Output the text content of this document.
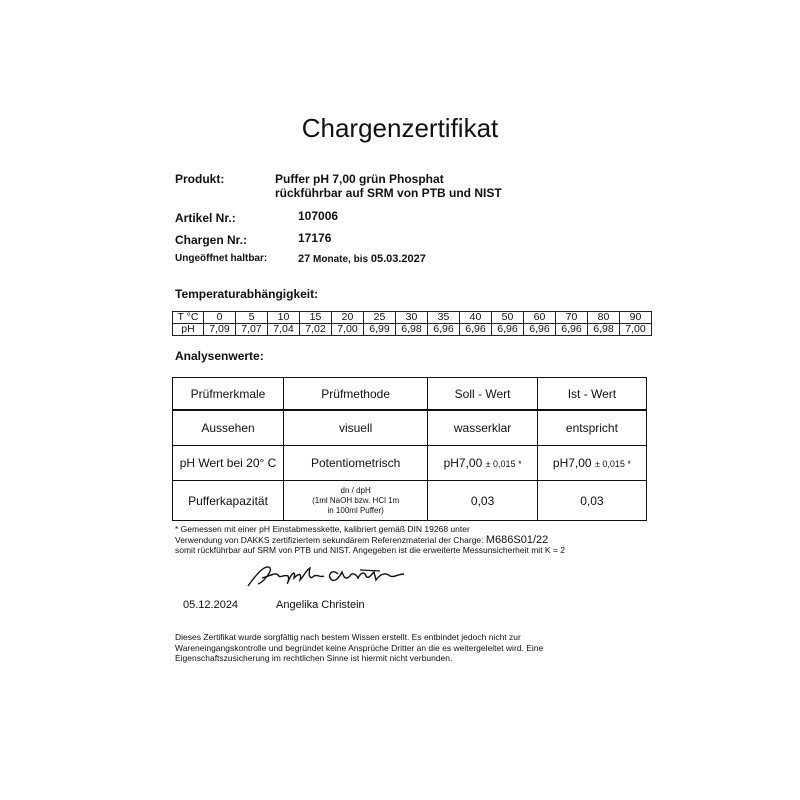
Chargenzertifikat
Produkt:	Puffer pH 7,00 grün Phosphat
rückführbar auf SRM von PTB und NIST
Artikel Nr.:	107006
Chargen Nr.:	17176
Ungeöffnet haltbar:	27 Monate, bis 05.03.2027
Temperaturabhängigkeit:
T °C	0	5	10	15	20	25	30	35	40	50	60	70	80	90
pH	7,09	7,07	7,04	7,02	7,00	6,99	6,98	6,96	6,96	6,96	6,96	6,96	6,98	7,00
Analysenwerte:
Prüfmerkmale	Prüfmethode	Soll - Wert	Ist - Wert
Aussehen	visuell	wasserklar	entspricht
pH Wert bei 20° C	Potentiometrisch	pH7,00 ± 0,015 *	pH7,00 ± 0,015 *
Pufferkapazität	dn / dpH
(1ml NaOH bzw. HCl 1m
in 100ml Puffer)	0,03	0,03
* Gemessen mit einer pH Einstabmesskette, kalibriert gemäß DIN 19268 unter
Verwendung von DAKKS zertifiziertem sekundärem Referenzmaterial der Charge: M686S01/22
somit rückführbar auf SRM von PTB und NIST. Angegeben ist die erweiterte Messunsicherheit mit K = 2
05.12.2024	Angelika Christein
Dieses Zertifikat wurde sorgfältig nach bestem Wissen erstellt. Es entbindet jedoch nicht zur
Wareneingangskontrolle und begründet keine Ansprüche Dritter an die es weitergeleitet wird. Eine
Eigenschaftszusicherung im rechtlichen Sinne ist hiermit nicht verbunden.
